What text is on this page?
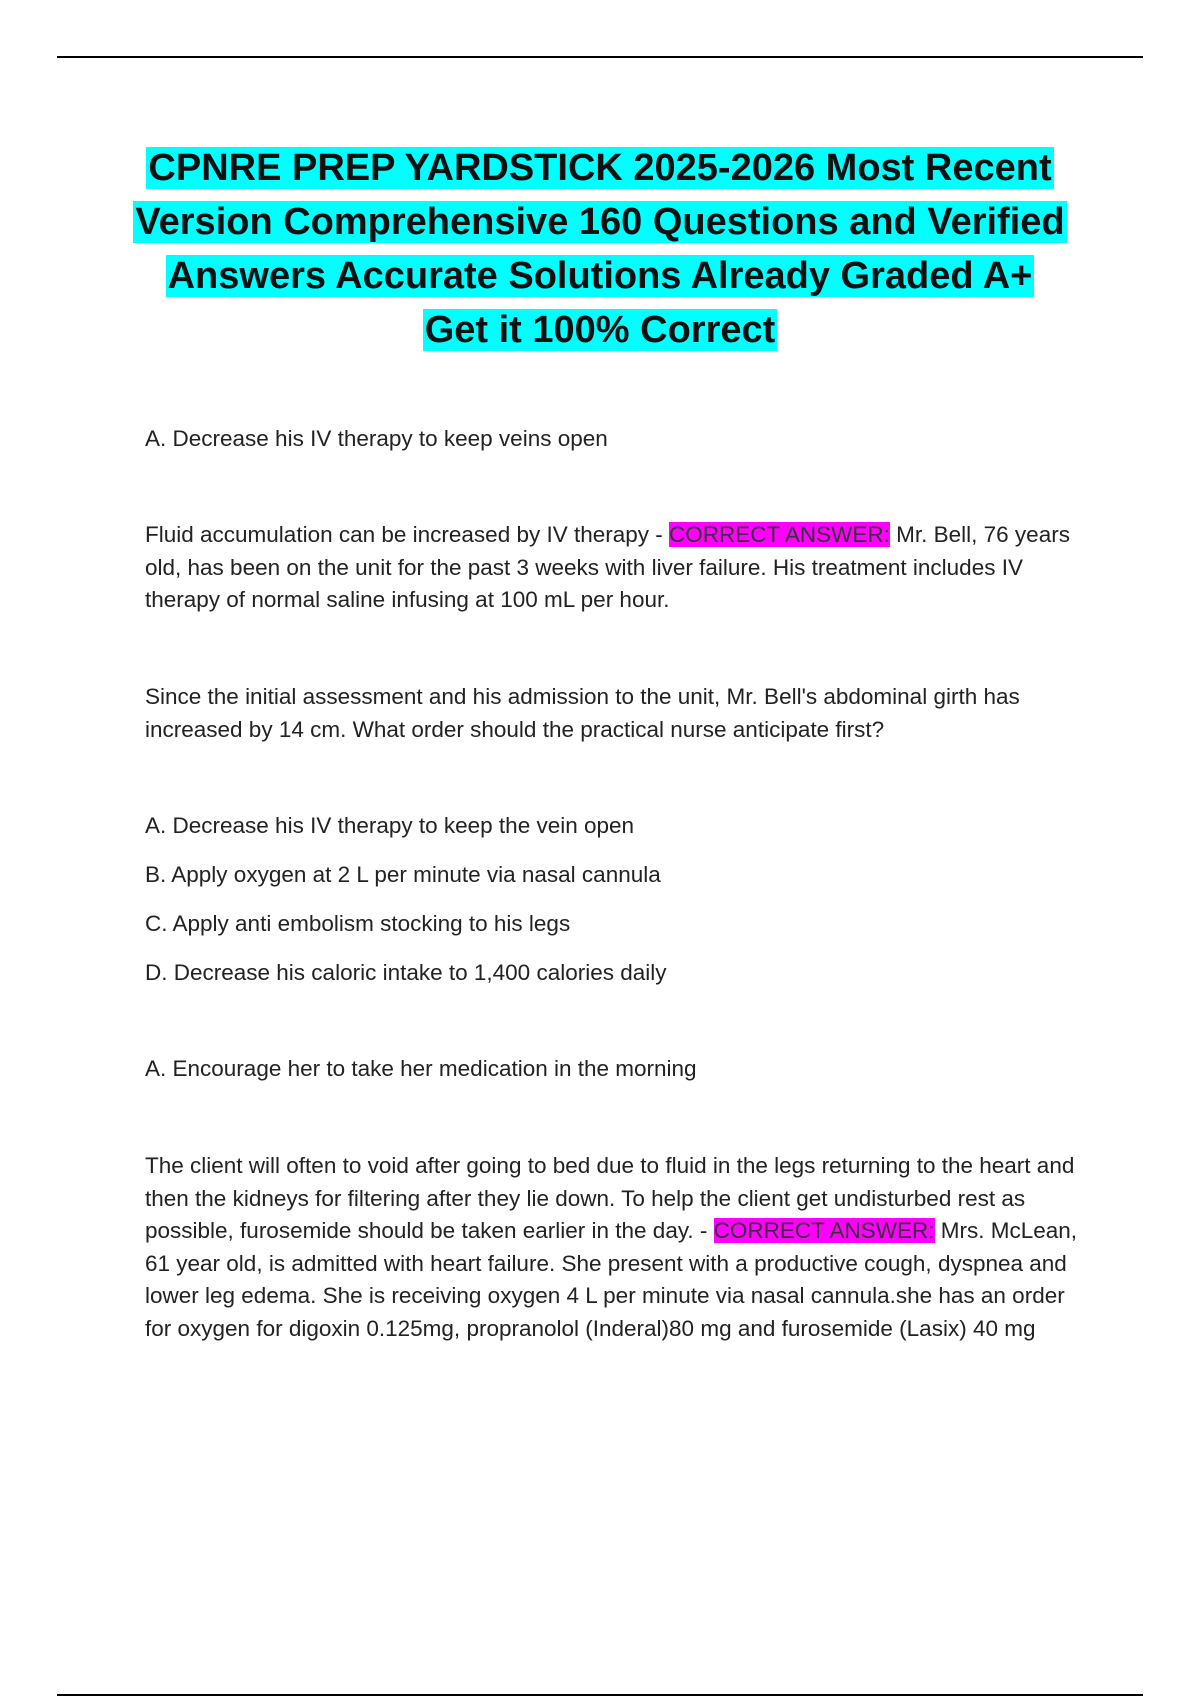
CPNRE PREP YARDSTICK 2025-2026 Most Recent Version Comprehensive 160 Questions and Verified Answers Accurate Solutions Already Graded A+ Get it 100% Correct

A. Decrease his IV therapy to keep veins open

Fluid accumulation can be increased by IV therapy - CORRECT ANSWER: Mr. Bell, 76 years old, has been on the unit for the past 3 weeks with liver failure. His treatment includes IV therapy of normal saline infusing at 100 mL per hour.

Since the initial assessment and his admission to the unit, Mr. Bell's abdominal girth has increased by 14 cm. What order should the practical nurse anticipate first?

A. Decrease his IV therapy to keep the vein open

B. Apply oxygen at 2 L per minute via nasal cannula

C. Apply anti embolism stocking to his legs

D. Decrease his caloric intake to 1,400 calories daily

A. Encourage her to take her medication in the morning

The client will often to void after going to bed due to fluid in the legs returning to the heart and then the kidneys for filtering after they lie down. To help the client get undisturbed rest as possible, furosemide should be taken earlier in the day. - CORRECT ANSWER: Mrs. McLean, 61 year old, is admitted with heart failure. She present with a productive cough, dyspnea and lower leg edema. She is receiving oxygen 4 L per minute via nasal cannula.she has an order for oxygen for digoxin 0.125mg, propranolol (Inderal)80 mg and furosemide (Lasix) 40 mg
